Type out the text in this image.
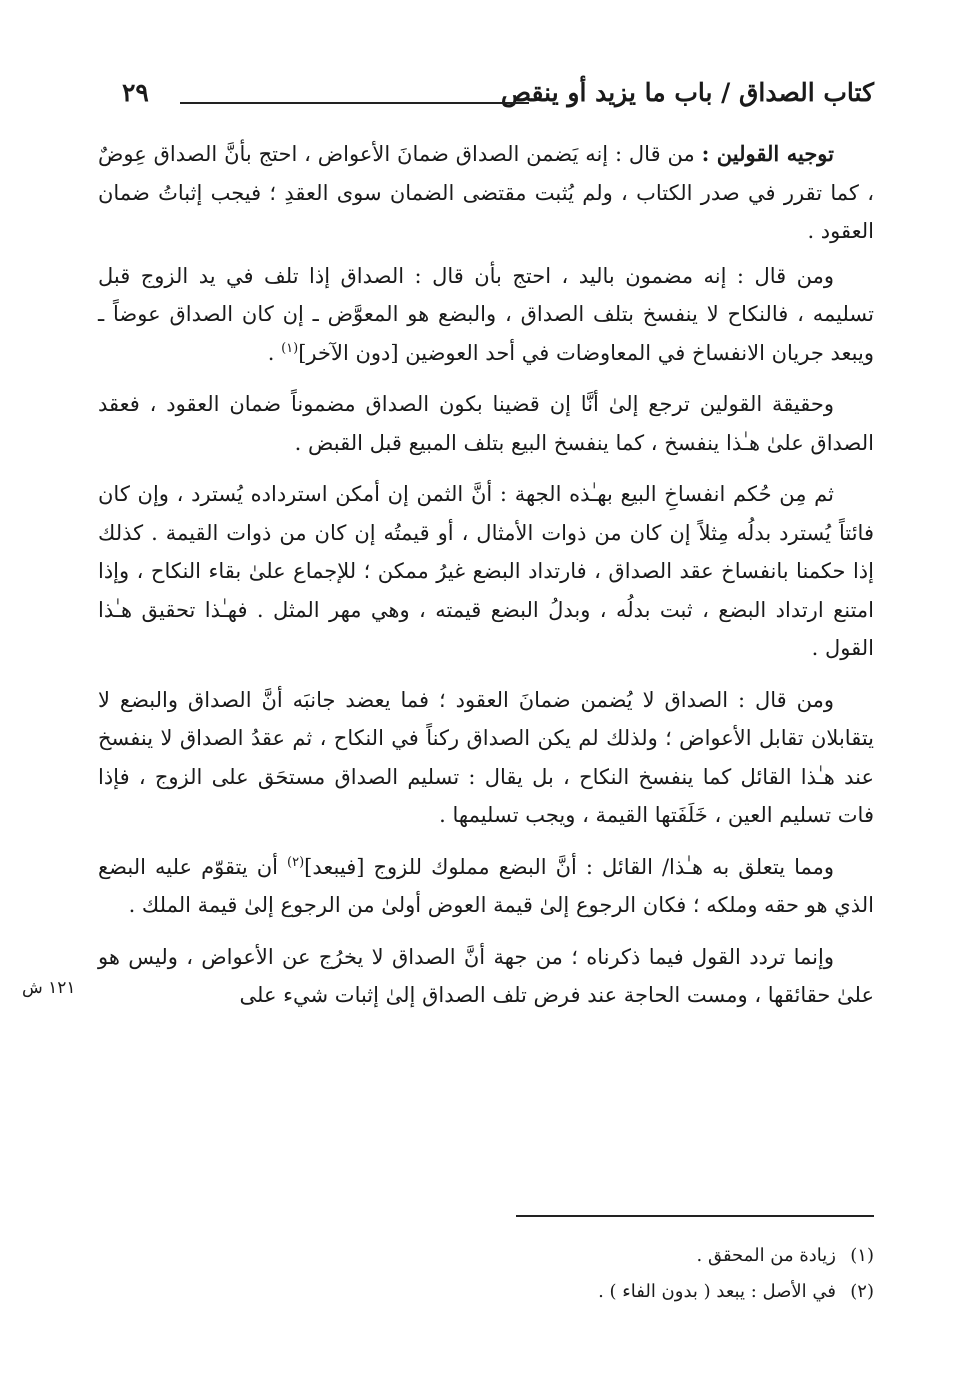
كتاب الصداق / باب ما يزيد أو ينقص
٢٩

توجيه القولين : من قال : إنه يَضمن الصداق ضمانَ الأعواض ، احتج بأنَّ الصداق عِوضٌ ، كما تقرر في صدر الكتاب ، ولم يُثبت مقتضى الضمان سوى العقدِ ؛ فيجب إثباتُ ضمان العقود .

ومن قال : إنه مضمون باليد ، احتج بأن قال : الصداق إذا تلف في يد الزوج قبل تسليمه ، فالنكاح لا ينفسخ بتلف الصداق ، والبضع هو المعوَّض ـ إن كان الصداق عوضاً ـ ويبعد جريان الانفساخ في المعاوضات في أحد العوضين [دون الآخر]$^{(١)}$ .

وحقيقة القولين ترجع إلىٰ أنَّا إن قضينا بكون الصداق مضموناً ضمان العقود ، فعقد الصداق علىٰ هـٰذا ينفسخ ، كما ينفسخ البيع بتلف المبيع قبل القبض .

ثم مِن حُكم انفساخِ البيع بهـٰذه الجهة : أنَّ الثمن إن أمكن استرداده يُسترد ، وإن كان فائتاً يُسترد بدلُه مِثلاً إن كان من ذوات الأمثال ، أو قيمتُه إن كان من ذوات القيمة . كذلك إذا حكمنا بانفساخ عقد الصداق ، فارتداد البضع غيرُ ممكن ؛ للإجماع علىٰ بقاء النكاح ، وإذا امتنع ارتداد البضع ، ثبت بدلُه ، وبدلُ البضع قيمته ، وهي مهر المثل . فهـٰذا تحقيق هـٰذا القول .

ومن قال : الصداق لا يُضمن ضمانَ العقود ؛ فما يعضد جانبَه أنَّ الصداق والبضع لا يتقابلان تقابل الأعواض ؛ ولذلك لم يكن الصداق ركناً في النكاح ، ثم عقدُ الصداق لا ينفسخ عند هـٰذا القائل كما ينفسخ النكاح ، بل يقال : تسليم الصداق مستحَق على الزوج ، فإذا فات تسليم العين ، خَلَفَتها القيمة ، ويجب تسليمها .

ومما يتعلق به هـٰذا/ القائل : أنَّ البضع مملوك للزوج [فيبعد]$^{(٢)}$ أن يتقوّم عليه البضع الذي هو حقه وملكه ؛ فكان الرجوع إلىٰ قيمة العوض أولىٰ من الرجوع إلىٰ قيمة الملك .

وإنما تردد القول فيما ذكرناه ؛ من جهة أنَّ الصداق لا يخرُج عن الأعواض ، وليس هو علىٰ حقائقها ، ومست الحاجة عند فرض تلف الصداق إلىٰ إثبات شيء على

١٢١ ش
(١)زيادة من المحقق .
(٢)في الأصل : يبعد ( بدون الفاء ) .
